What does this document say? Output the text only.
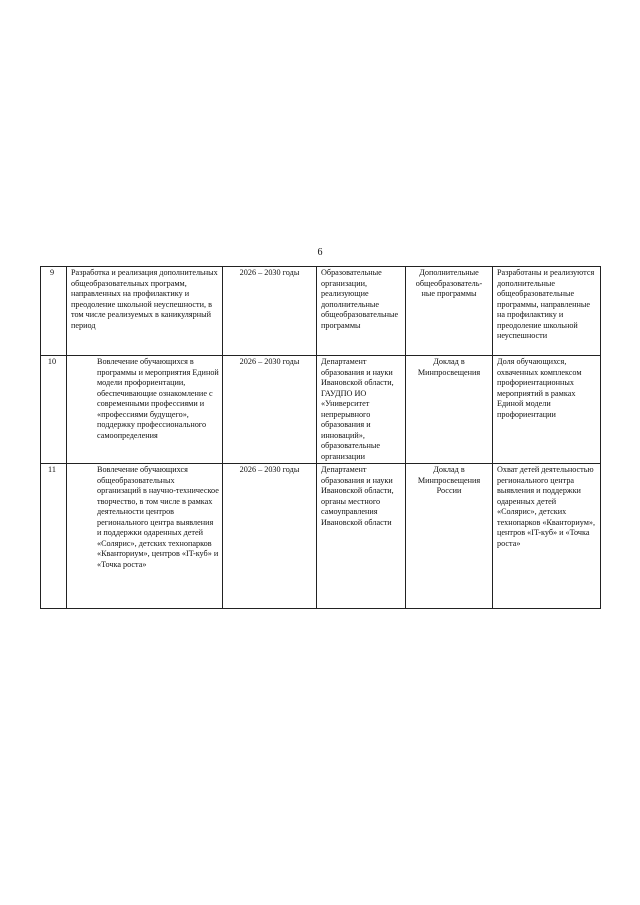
6
9	Разработка и реализация дополнительных общеобразовательных программ, направленных на профилактику и преодоление школьной неуспешности, в том числе реализуемых в каникулярный период	2026 – 2030 годы	Образовательные организации, реализующие дополнительные общеобразовательные программы	Дополнительные общеобразователь-ные программы	Разработаны и реализуются дополнительные общеобразовательные программы, направленные на профилактику и преодоление школьной неуспешности
10	Вовлечение обучающихся в программы и мероприятия Единой модели профориентации, обеспечивающие ознакомление с современными профессиями и «профессиями будущего», поддержку профессионального самоопределения	2026 – 2030 годы	Департамент образования и науки Ивановской области, ГАУДПО ИО «Университет непрерывного образования и инноваций», образовательные организации	Доклад в Минпросвещения	Доля обучающихся, охваченных комплексом профориентационных мероприятий в рамках Единой модели профориентации
11	Вовлечение обучающихся общеобразовательных организаций в научно-техническое творчество, в том числе в рамках деятельности центров регионального центра выявления и поддержки одаренных детей «Солярис», детских технопарков «Кванториум», центров «IT-куб» и «Точка роста»	2026 – 2030 годы	Департамент образования и науки Ивановской области, органы местного самоуправления Ивановской области	Доклад в Минпросвещения России	Охват детей деятельностью регионального центра выявления и поддержки одаренных детей «Солярис», детских технопарков «Кванториум», центров «IT-куб» и «Точка роста»
